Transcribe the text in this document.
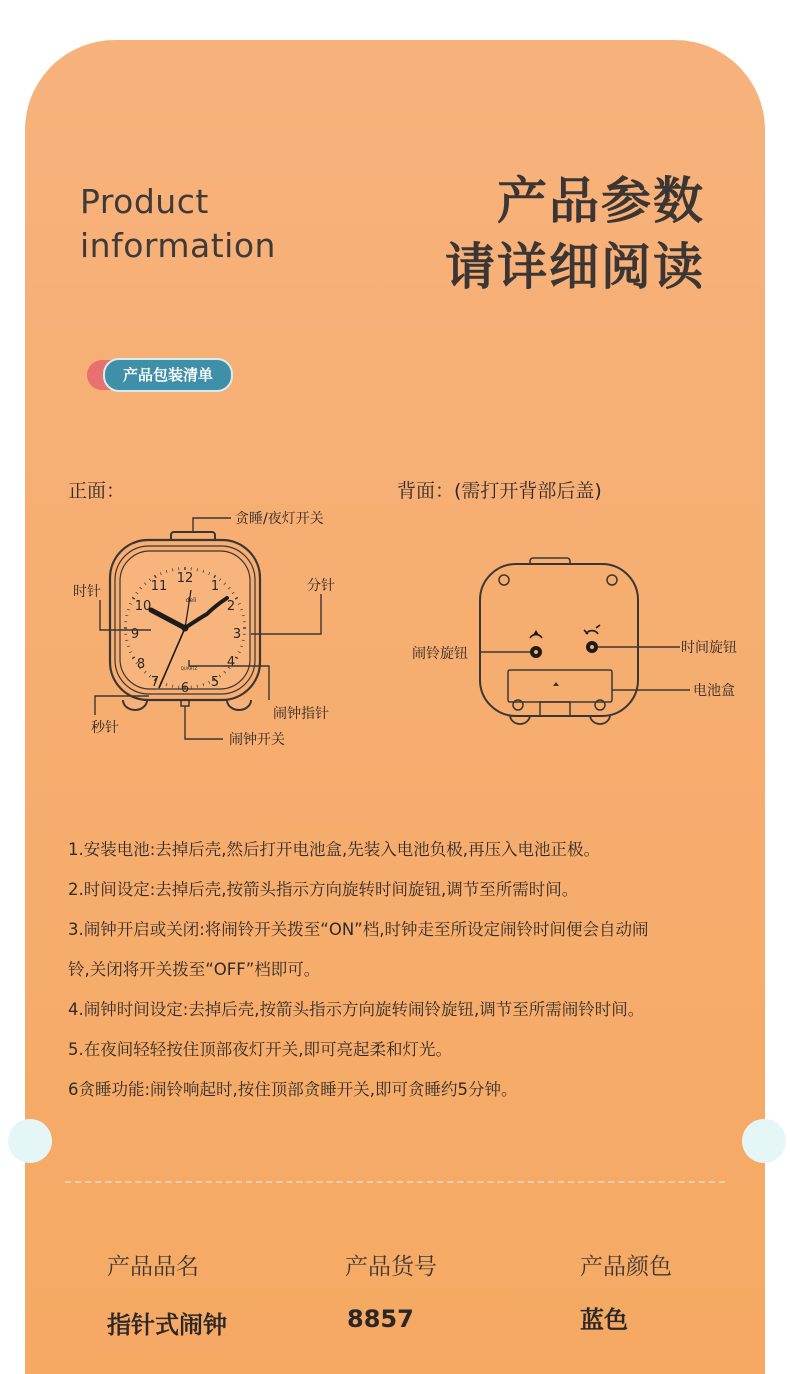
Product
information
产品参数
请详细阅读
产品包装清单
正面：	背面：(需打开背部后盖)
12
1
2
3
4
5
6
7
8
9
10
11
deli
QUARTZ
贪睡/夜灯开关
时针	分针
秒针
闹钟指针
闹钟开关
闹铃旋钮	时间旋钮
电池盒
1.安装电池:去掉后壳,然后打开电池盒,先装入电池负极,再压入电池正极。
2.时间设定:去掉后壳,按箭头指示方向旋转时间旋钮,调节至所需时间。
3.闹钟开启或关闭:将闹铃开关拨至“ON”档,时钟走至所设定闹铃时间便会自动闹
铃,关闭将开关拨至“OFF”档即可。
4.闹钟时间设定:去掉后壳,按箭头指示方向旋转闹铃旋钮,调节至所需闹铃时间。
5.在夜间轻轻按住顶部夜灯开关,即可亮起柔和灯光。
6贪睡功能:闹铃响起时,按住顶部贪睡开关,即可贪睡约5分钟。
产品品名	产品货号	产品颜色
指针式闹钟	8857	蓝色
